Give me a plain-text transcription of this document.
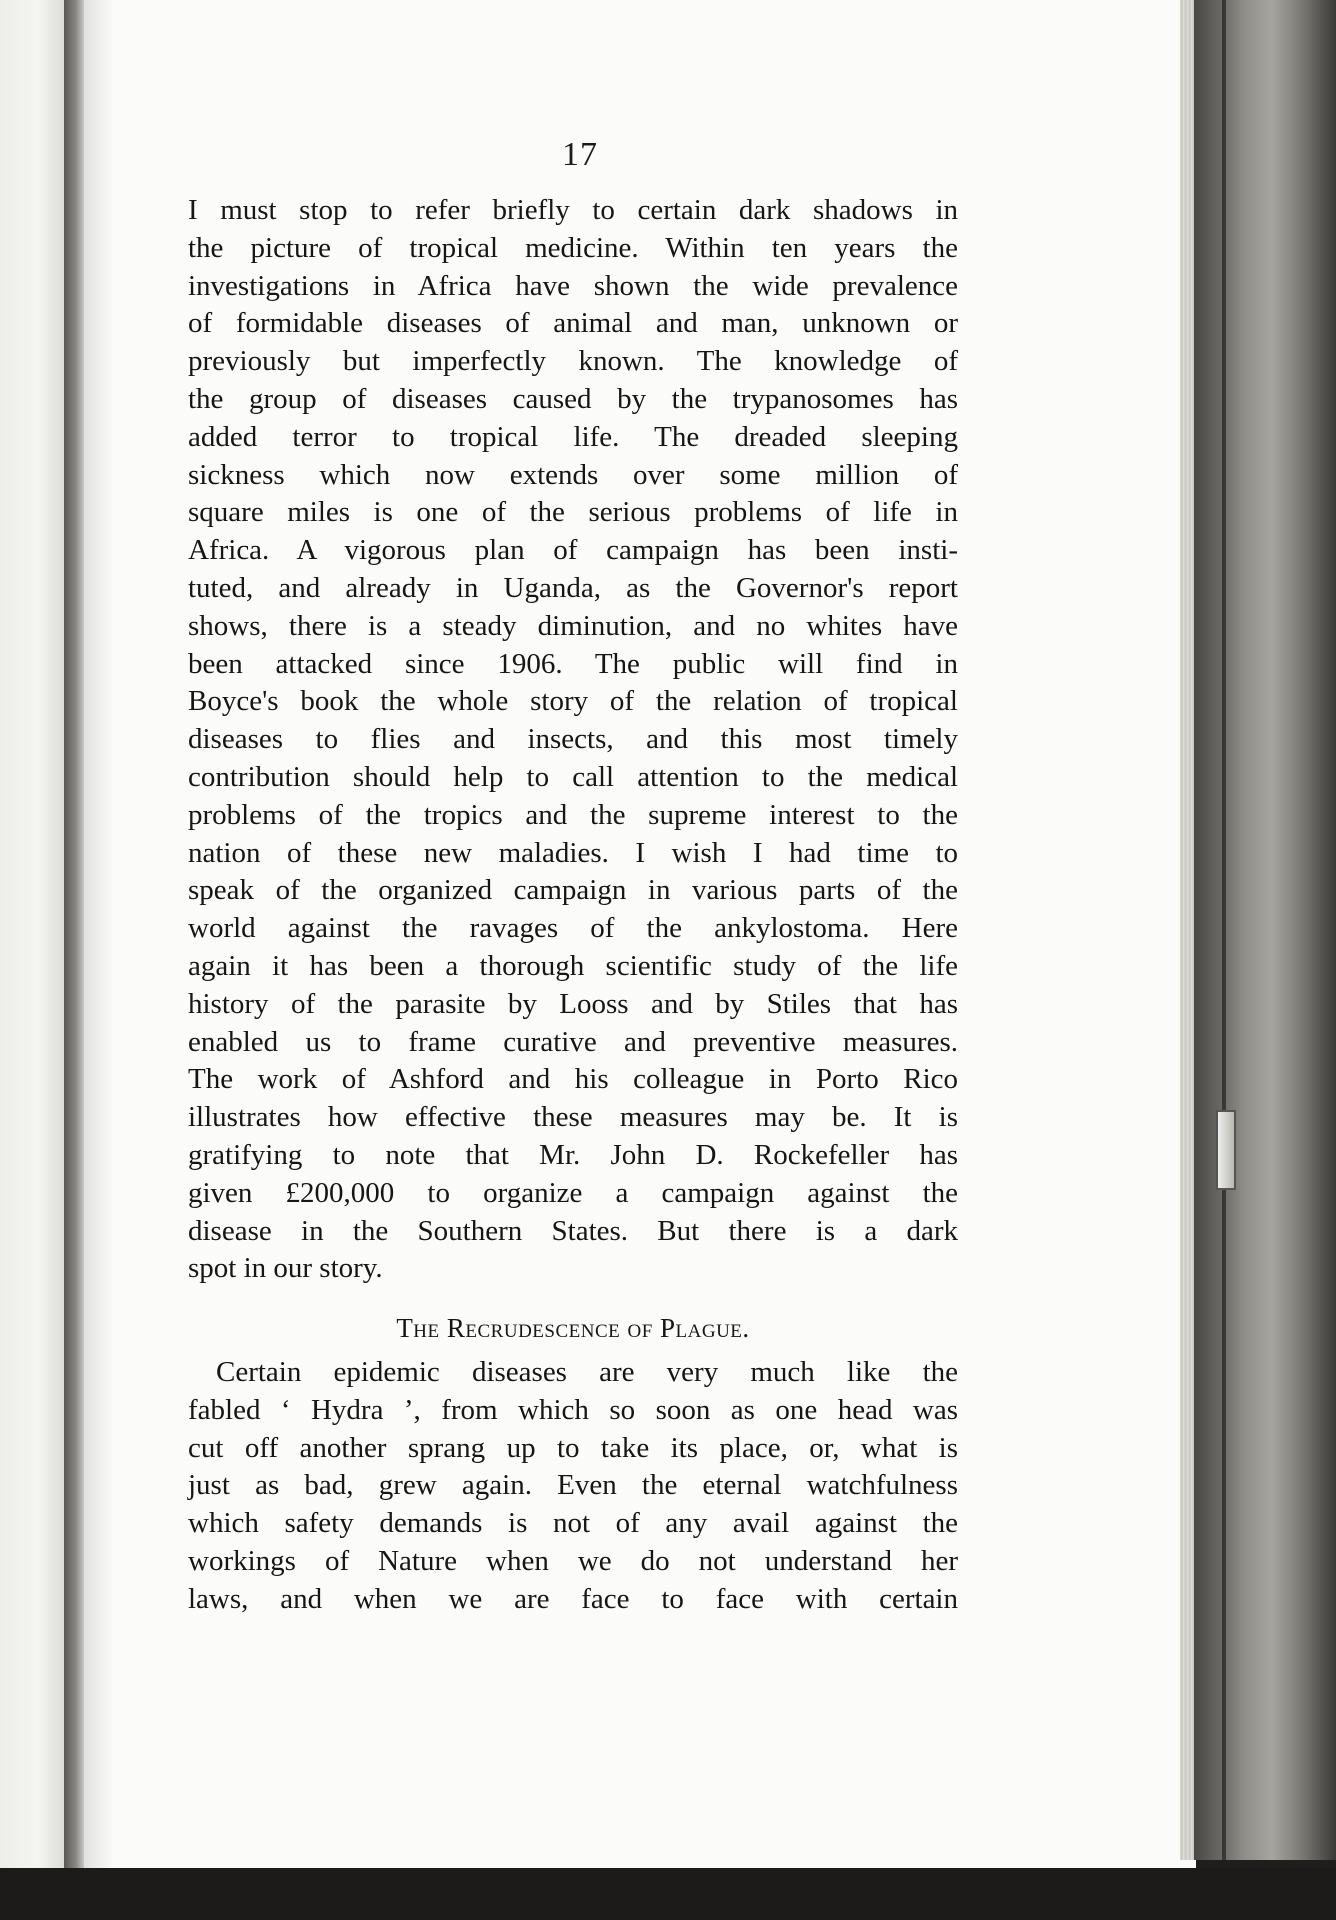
17
I must stop to refer briefly to certain dark shadows in
the picture of tropical medicine. Within ten years the
investigations in Africa have shown the wide prevalence
of formidable diseases of animal and man, unknown or
previously but imperfectly known. The knowledge of
the group of diseases caused by the trypanosomes has
added terror to tropical life. The dreaded sleeping
sickness which now extends over some million of
square miles is one of the serious problems of life in
Africa. A vigorous plan of campaign has been insti-
tuted, and already in Uganda, as the Governor's report
shows, there is a steady diminution, and no whites have
been attacked since 1906. The public will find in
Boyce's book the whole story of the relation of tropical
diseases to flies and insects, and this most timely
contribution should help to call attention to the medical
problems of the tropics and the supreme interest to the
nation of these new maladies. I wish I had time to
speak of the organized campaign in various parts of the
world against the ravages of the ankylostoma. Here
again it has been a thorough scientific study of the life
history of the parasite by Looss and by Stiles that has
enabled us to frame curative and preventive measures.
The work of Ashford and his colleague in Porto Rico
illustrates how effective these measures may be. It is
gratifying to note that Mr. John D. Rockefeller has
given £200,000 to organize a campaign against the
disease in the Southern States. But there is a dark
spot in our story.
The Recrudescence of Plague.
Certain epidemic diseases are very much like the
fabled ‘ Hydra ’, from which so soon as one head was
cut off another sprang up to take its place, or, what is
just as bad, grew again. Even the eternal watchfulness
which safety demands is not of any avail against the
workings of Nature when we do not understand her
laws, and when we are face to face with certain
